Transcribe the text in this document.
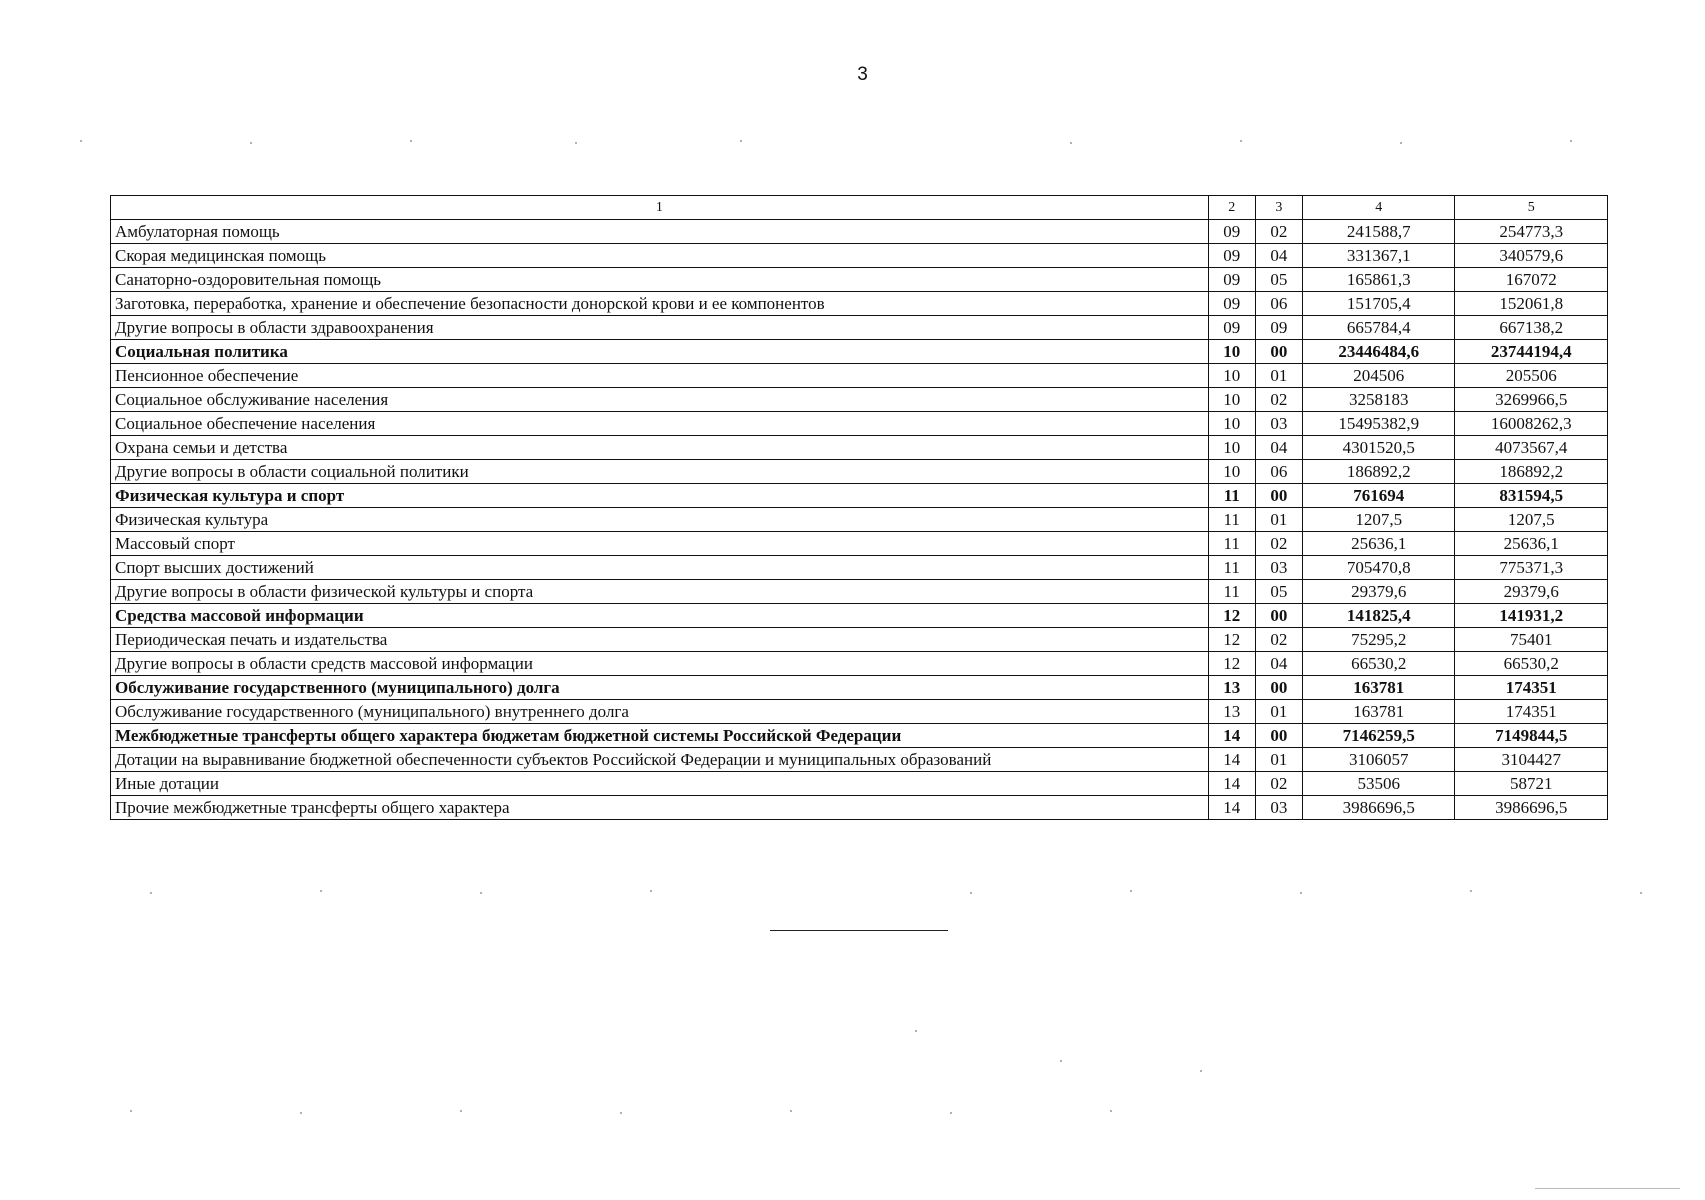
3
1	2	3	4	5
Амбулаторная помощь	09	02	241588,7	254773,3
Скорая медицинская помощь	09	04	331367,1	340579,6
Санаторно-оздоровительная помощь	09	05	165861,3	167072
Заготовка, переработка, хранение и обеспечение безопасности донорской крови и ее компонентов	09	06	151705,4	152061,8
Другие вопросы в области здравоохранения	09	09	665784,4	667138,2
Социальная политика	10	00	23446484,6	23744194,4
Пенсионное обеспечение	10	01	204506	205506
Социальное обслуживание населения	10	02	3258183	3269966,5
Социальное обеспечение населения	10	03	15495382,9	16008262,3
Охрана семьи и детства	10	04	4301520,5	4073567,4
Другие вопросы в области социальной политики	10	06	186892,2	186892,2
Физическая культура и спорт	11	00	761694	831594,5
Физическая культура	11	01	1207,5	1207,5
Массовый спорт	11	02	25636,1	25636,1
Спорт высших достижений	11	03	705470,8	775371,3
Другие вопросы в области физической культуры и спорта	11	05	29379,6	29379,6
Средства массовой информации	12	00	141825,4	141931,2
Периодическая печать и издательства	12	02	75295,2	75401
Другие вопросы в области средств массовой информации	12	04	66530,2	66530,2
Обслуживание государственного (муниципального) долга	13	00	163781	174351
Обслуживание государственного (муниципального) внутреннего долга	13	01	163781	174351
Межбюджетные трансферты общего характера бюджетам бюджетной системы Российской Федерации	14	00	7146259,5	7149844,5
Дотации на выравнивание бюджетной обеспеченности субъектов Российской Федерации и муниципальных образований	14	01	3106057	3104427
Иные дотации	14	02	53506	58721
Прочие межбюджетные трансферты общего характера	14	03	3986696,5	3986696,5
